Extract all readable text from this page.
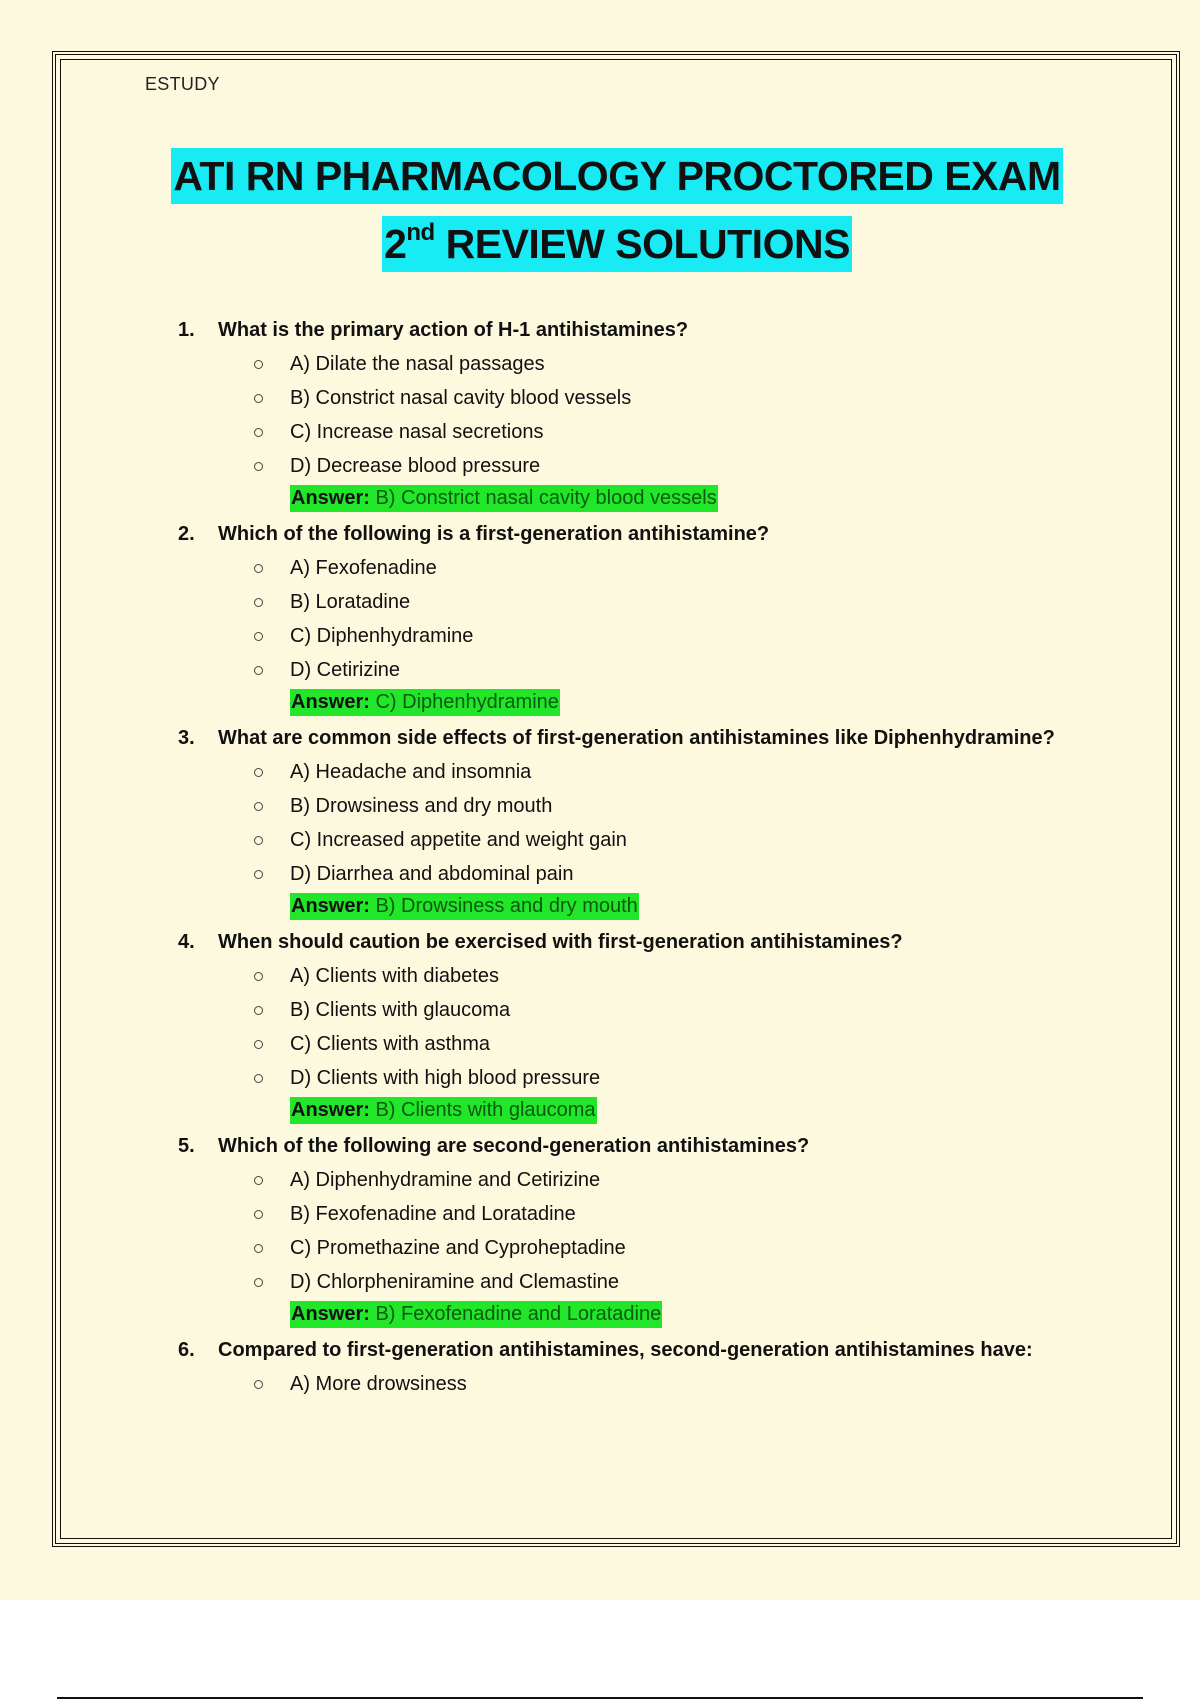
ESTUDY
ATI RN PHARMACOLOGY PROCTORED EXAM
2nd REVIEW SOLUTIONS
1.	What is the primary action of H-1 antihistamines?
A) Dilate the nasal passages
B) Constrict nasal cavity blood vessels
C) Increase nasal secretions
D) Decrease blood pressure
Answer: B) Constrict nasal cavity blood vessels
2.	Which of the following is a first-generation antihistamine?
A) Fexofenadine
B) Loratadine
C) Diphenhydramine
D) Cetirizine
Answer: C) Diphenhydramine
3.	What are common side effects of first-generation antihistamines like Diphenhydramine?
A) Headache and insomnia
B) Drowsiness and dry mouth
C) Increased appetite and weight gain
D) Diarrhea and abdominal pain
Answer: B) Drowsiness and dry mouth
4.	When should caution be exercised with first-generation antihistamines?
A) Clients with diabetes
B) Clients with glaucoma
C) Clients with asthma
D) Clients with high blood pressure
Answer: B) Clients with glaucoma
5.	Which of the following are second-generation antihistamines?
A) Diphenhydramine and Cetirizine
B) Fexofenadine and Loratadine
C) Promethazine and Cyproheptadine
D) Chlorpheniramine and Clemastine
Answer: B) Fexofenadine and Loratadine
6.	Compared to first-generation antihistamines, second-generation antihistamines have:
A) More drowsiness
